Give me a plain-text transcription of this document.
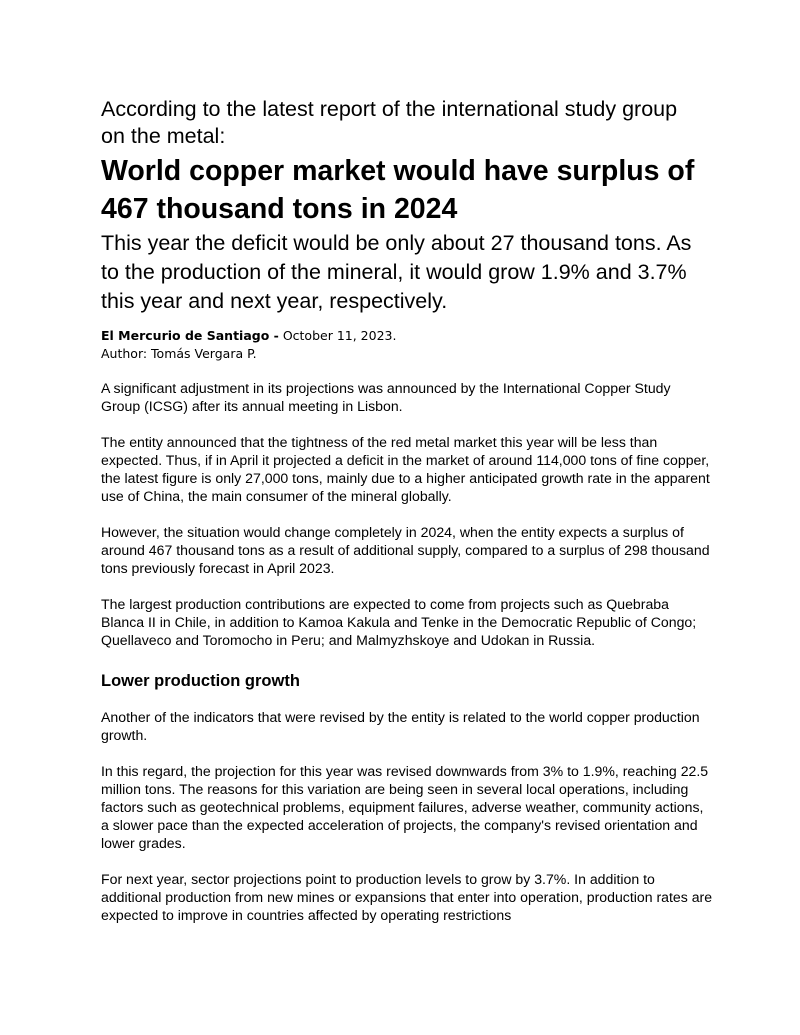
According to the latest report of the international study group on the metal:
World copper market would have surplus of 467 thousand tons in 2024
This year the deficit would be only about 27 thousand tons. As to the production of the mineral, it would grow 1.9% and 3.7% this year and next year, respectively.
El Mercurio de Santiago - October 11, 2023.
Author: Tomás Vergara P.

A significant adjustment in its projections was announced by the International Copper Study Group (ICSG) after its annual meeting in Lisbon.

The entity announced that the tightness of the red metal market this year will be less than expected. Thus, if in April it projected a deficit in the market of around 114,000 tons of fine copper, the latest figure is only 27,000 tons, mainly due to a higher anticipated growth rate in the apparent use of China, the main consumer of the mineral globally.

However, the situation would change completely in 2024, when the entity expects a surplus of around 467 thousand tons as a result of additional supply, compared to a surplus of 298 thousand tons previously forecast in April 2023.

The largest production contributions are expected to come from projects such as Quebraba Blanca II in Chile, in addition to Kamoa Kakula and Tenke in the Democratic Republic of Congo; Quellaveco and Toromocho in Peru; and Malmyzhskoye and Udokan in Russia.

Lower production growth

Another of the indicators that were revised by the entity is related to the world copper production growth.

In this regard, the projection for this year was revised downwards from 3% to 1.9%, reaching 22.5 million tons. The reasons for this variation are being seen in several local operations, including factors such as geotechnical problems, equipment failures, adverse weather, community actions, a slower pace than the expected acceleration of projects, the company's revised orientation and lower grades.

For next year, sector projections point to production levels to grow by 3.7%. In addition to additional production from new mines or expansions that enter into operation, production rates are expected to improve in countries affected by operating restrictions
